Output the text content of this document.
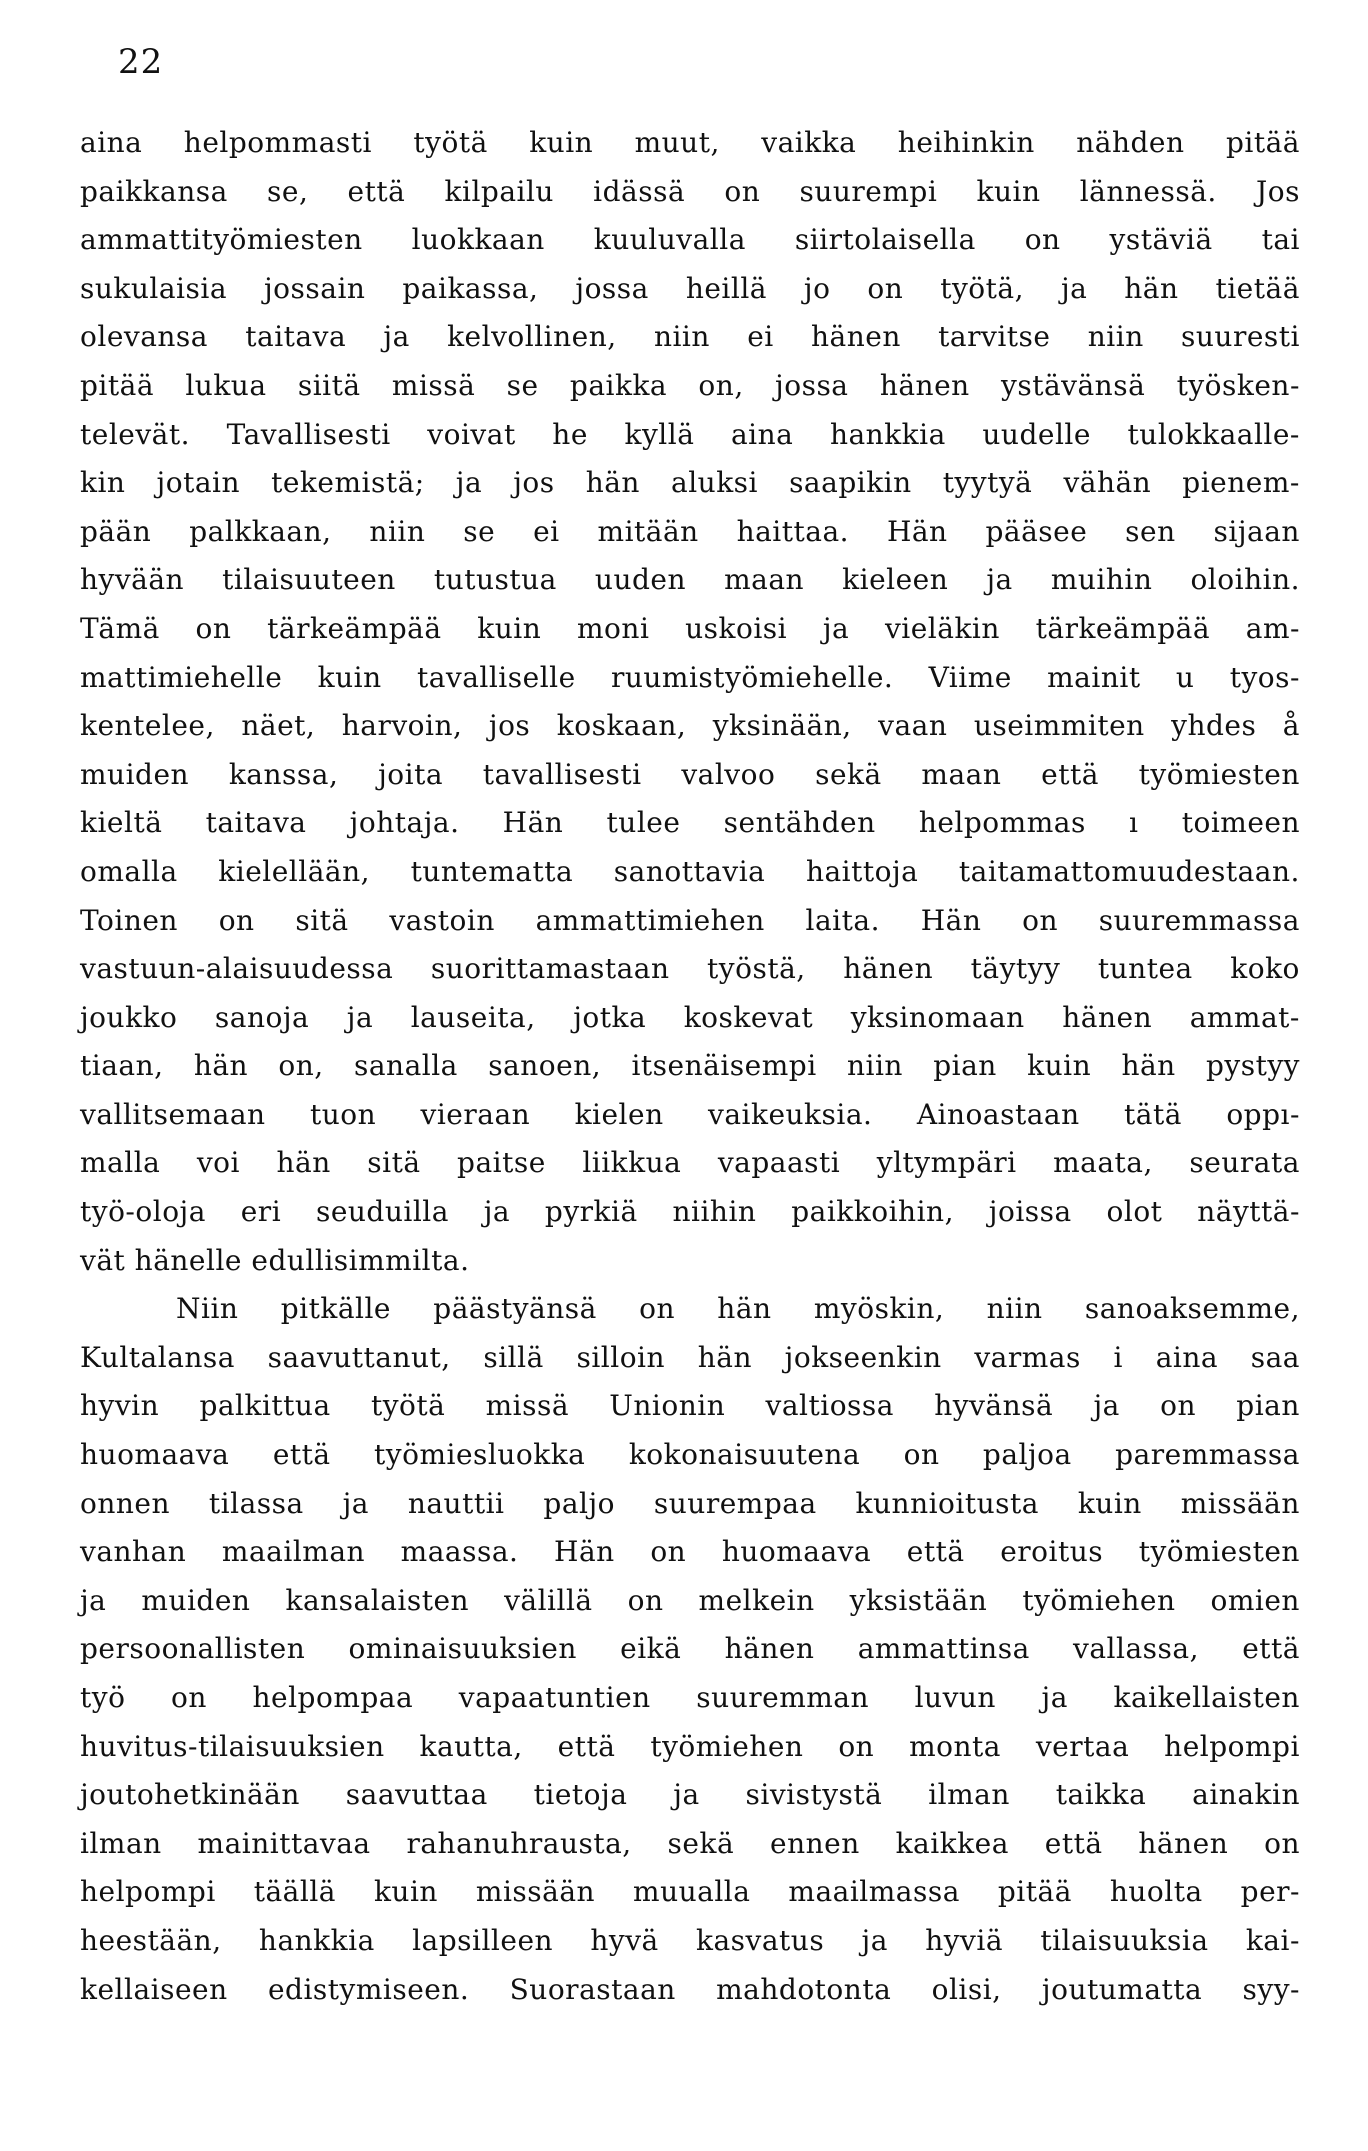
22
aina helpommasti työtä kuin muut, vaikka heihinkin nähden pitää
paikkansa se, että kilpailu idässä on suurempi kuin lännessä. Jos
ammattityömiesten luokkaan kuuluvalla siirtolaisella on ystäviä tai
sukulaisia jossain paikassa, jossa heillä jo on työtä, ja hän tietää
olevansa taitava ja kelvollinen, niin ei hänen tarvitse niin suuresti
pitää lukua siitä missä se paikka on, jossa hänen ystävänsä työsken-
televät. Tavallisesti voivat he kyllä aina hankkia uudelle tulokkaalle-
kin jotain tekemistä; ja jos hän aluksi saapikin tyytyä vähän pienem-
pään palkkaan, niin se ei mitään haittaa. Hän pääsee sen sijaan
hyvään tilaisuuteen tutustua uuden maan kieleen ja muihin oloihin.
Tämä on tärkeämpää kuin moni uskoisi ja vieläkin tärkeämpää am-
mattimiehelle kuin tavalliselle ruumistyömiehelle. Viime mainit u tyos-
kentelee, näet, harvoin, jos koskaan, yksinään, vaan useimmiten yhdes å
muiden kanssa, joita tavallisesti valvoo sekä maan että työmiesten
kieltä taitava johtaja. Hän tulee sentähden helpommas ı toimeen
omalla kielellään, tuntematta sanottavia haittoja taitamattomuudestaan.
Toinen on sitä vastoin ammattimiehen laita. Hän on suuremmassa
vastuun-alaisuudessa suorittamastaan työstä, hänen täytyy tuntea koko
joukko sanoja ja lauseita, jotka koskevat yksinomaan hänen ammat-
tiaan, hän on, sanalla sanoen, itsenäisempi niin pian kuin hän pystyy
vallitsemaan tuon vieraan kielen vaikeuksia. Ainoastaan tätä oppı-
malla voi hän sitä paitse liikkua vapaasti yltympäri maata, seurata
työ-oloja eri seuduilla ja pyrkiä niihin paikkoihin, joissa olot näyttä-
vät
hänelle
edullisimmilta.
Niin pitkälle päästyänsä on hän myöskin, niin sanoaksemme,
Kultalansa saavuttanut, sillä silloin hän jokseenkin varmas i aina saa
hyvin palkittua työtä missä Unionin valtiossa hyvänsä ja on pian
huomaava että työmiesluokka kokonaisuutena on paljoa paremmassa
onnen tilassa ja nauttii paljo suurempaa kunnioitusta kuin missään
vanhan maailman maassa. Hän on huomaava että eroitus työmiesten
ja muiden kansalaisten välillä on melkein yksistään työmiehen omien
persoonallisten ominaisuuksien eikä hänen ammattinsa vallassa, että
työ on helpompaa vapaatuntien suuremman luvun ja kaikellaisten
huvitus-tilaisuuksien kautta, että työmiehen on monta vertaa helpompi
joutohetkinään saavuttaa tietoja ja sivistystä ilman taikka ainakin
ilman mainittavaa rahanuhrausta, sekä ennen kaikkea että hänen on
helpompi täällä kuin missään muualla maailmassa pitää huolta per-
heestään, hankkia lapsilleen hyvä kasvatus ja hyviä tilaisuuksia kai-
kellaiseen edistymiseen. Suorastaan mahdotonta olisi, joutumatta syy-
